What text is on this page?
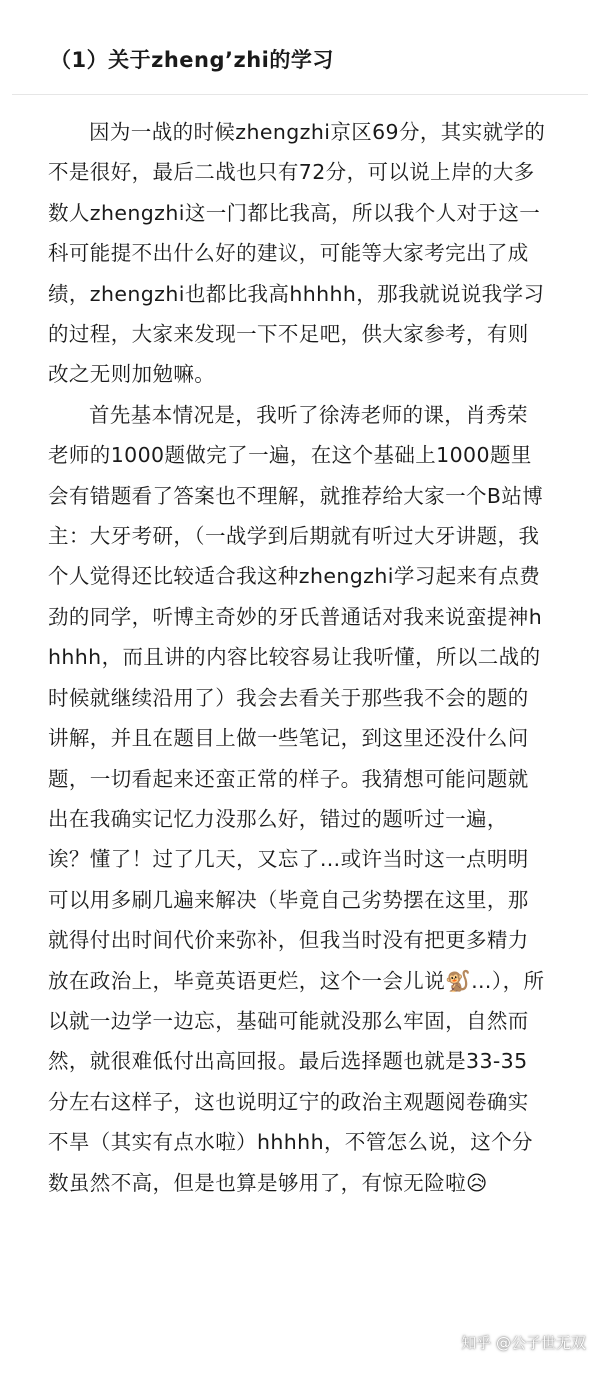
（1）关于zheng’zhi的学习

因为一战的时候zhengzhi京区69分，其实就学的不是很好，最后二战也只有72分，可以说上岸的大多数人zhengzhi这一门都比我高，所以我个人对于这一科可能提不出什么好的建议，可能等大家考完出了成绩，zhengzhi也都比我高hhhhh，那我就说说我学习的过程，大家来发现一下不足吧，供大家参考，有则改之无则加勉嘛。

首先基本情况是，我听了徐涛老师的课，肖秀荣老师的1000题做完了一遍，在这个基础上1000题里会有错题看了答案也不理解，就推荐给大家一个B站博主：大牙考研，（一战学到后期就有听过大牙讲题，我个人觉得还比较适合我这种zhengzhi学习起来有点费劲的同学，听博主奇妙的牙氏普通话对我来说蛮提神hhhhh，而且讲的内容比较容易让我听懂，所以二战的时候就继续沿用了）我会去看关于那些我不会的题的讲解，并且在题目上做一些笔记，到这里还没什么问题，一切看起来还蛮正常的样子。我猜想可能问题就出在我确实记忆力没那么好，错过的题听过一遍，诶？懂了！过了几天，又忘了…或许当时这一点明明可以用多刷几遍来解决（毕竟自己劣势摆在这里，那就得付出时间代价来弥补，但我当时没有把更多精力放在政治上，毕竟英语更烂，这个一会儿说🐒…），所以就一边学一边忘，基础可能就没那么牢固，自然而然，就很难低付出高回报。最后选择题也就是33-35分左右这样子，这也说明辽宁的政治主观题阅卷确实不旱（其实有点水啦）hhhhh，不管怎么说，这个分数虽然不高，但是也算是够用了，有惊无险啦😥

知乎 @公子世无双
